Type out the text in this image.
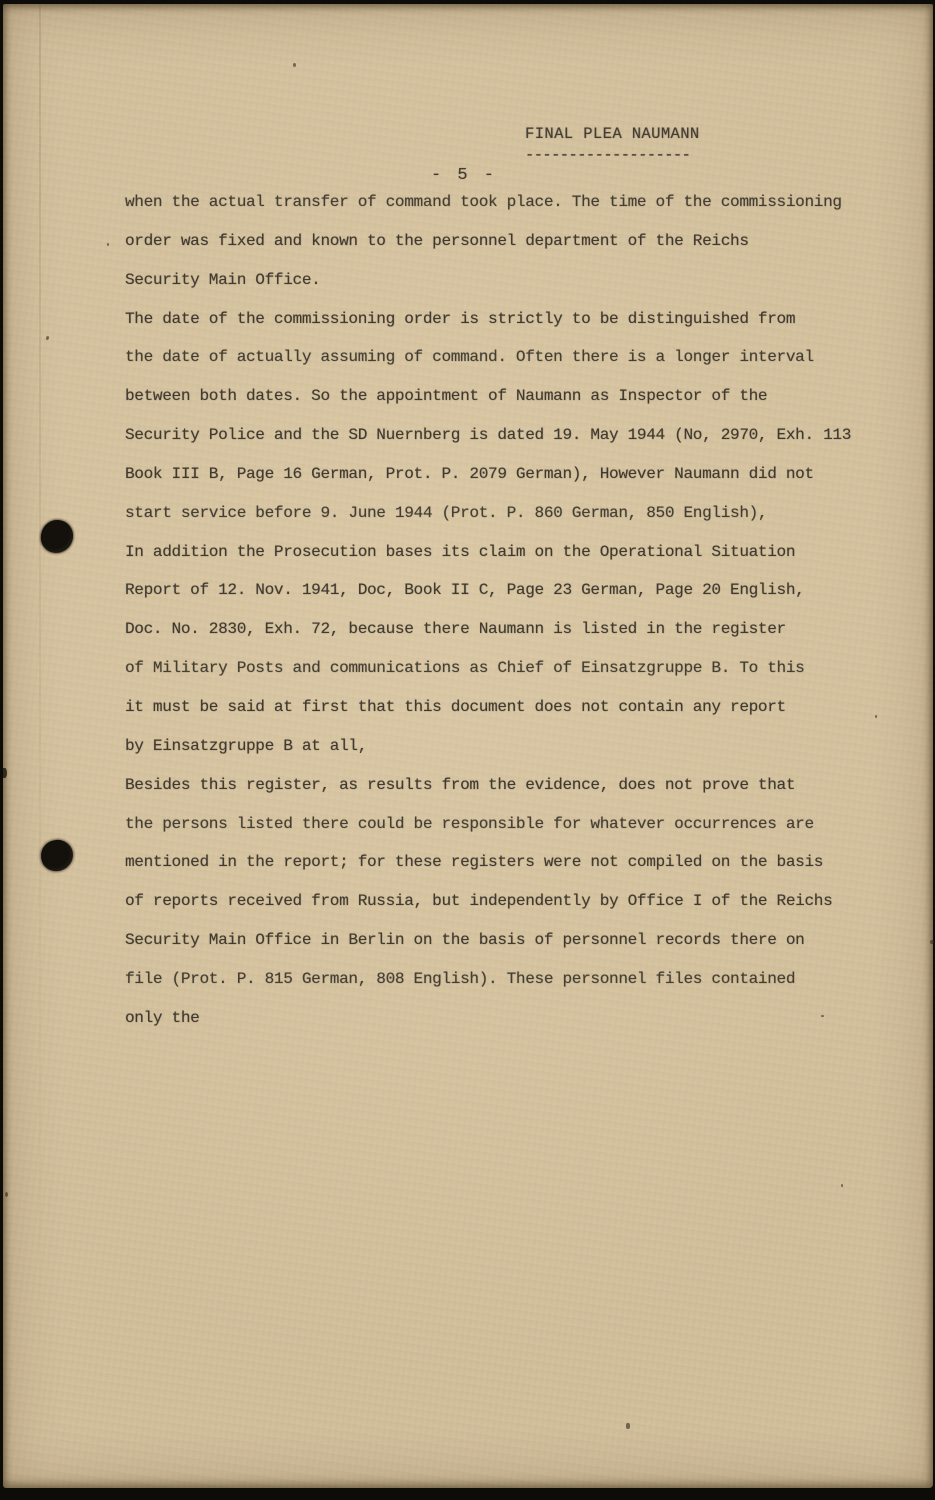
FINAL PLEA NAUMANN
-------------------
- 5 -
when the actual transfer of command took place. The time of the commissioning
order was fixed and known to the personnel department of the Reichs
Security Main Office.
The date of the commissioning order is strictly to be distinguished from
the date of actually assuming of command. Often there is a longer interval
between both dates. So the appointment of Naumann as Inspector of the
Security Police and the SD Nuernberg is dated 19. May 1944 (No, 2970, Exh. 113
Book III B, Page 16 German, Prot. P. 2079 German), However Naumann did not
start service before 9. June 1944 (Prot. P. 860 German, 850 English),
In addition the Prosecution bases its claim on the Operational Situation
Report of 12. Nov. 1941, Doc, Book II C, Page 23 German, Page 20 English,
Doc. No. 2830, Exh. 72, because there Naumann is listed in the register
of Military Posts and communications as Chief of Einsatzgruppe B. To this
it must be said at first that this document does not contain any report
by Einsatzgruppe B at all,
Besides this register, as results from the evidence, does not prove that
the persons listed there could be responsible for whatever occurrences are
mentioned in the report; for these registers were not compiled on the basis
of reports received from Russia, but independently by Office I of the Reichs
Security Main Office in Berlin on the basis of personnel records there on
file (Prot. P. 815 German, 808 English). These personnel files contained
only the
